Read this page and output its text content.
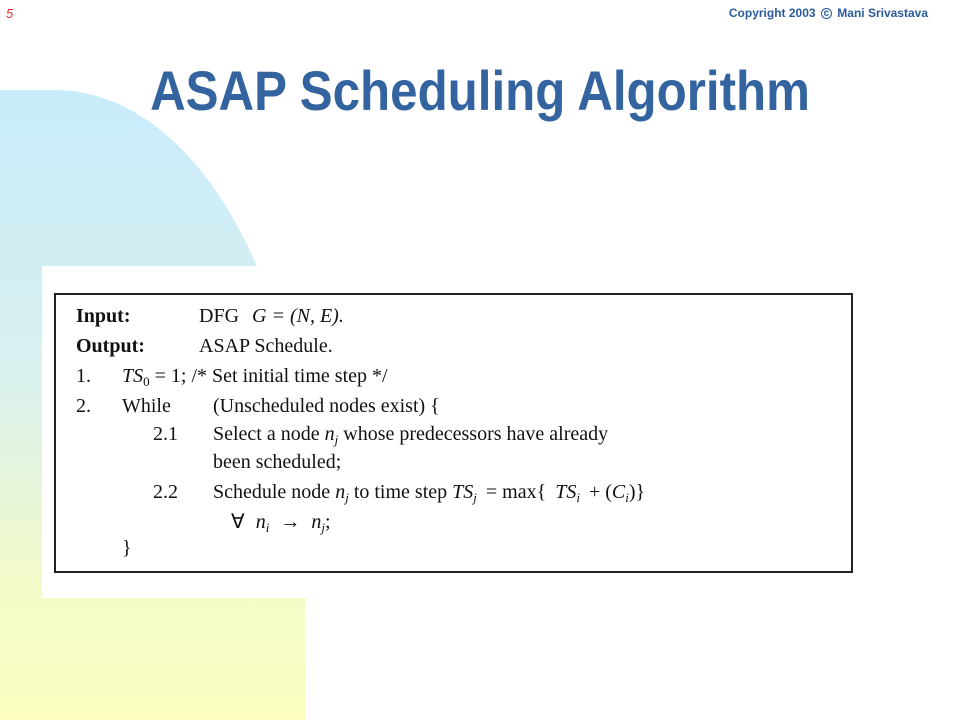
5	Copyright 2003 c Mani Srivastava
ASAP Scheduling Algorithm
Input:	DFG G = (N, E).
Output:	ASAP Schedule.
1. $TS_0 = 1$; /* Set initial time step */
2. While (Unscheduled nodes exist) {
2.1 Select a node $n_j$ whose predecessors have already
been scheduled;
2.2 Schedule node $n_j$ to time step $TS_j = \max${ $TS_i + (C_i)$}
∀ $n_i \to n_j$;
}
